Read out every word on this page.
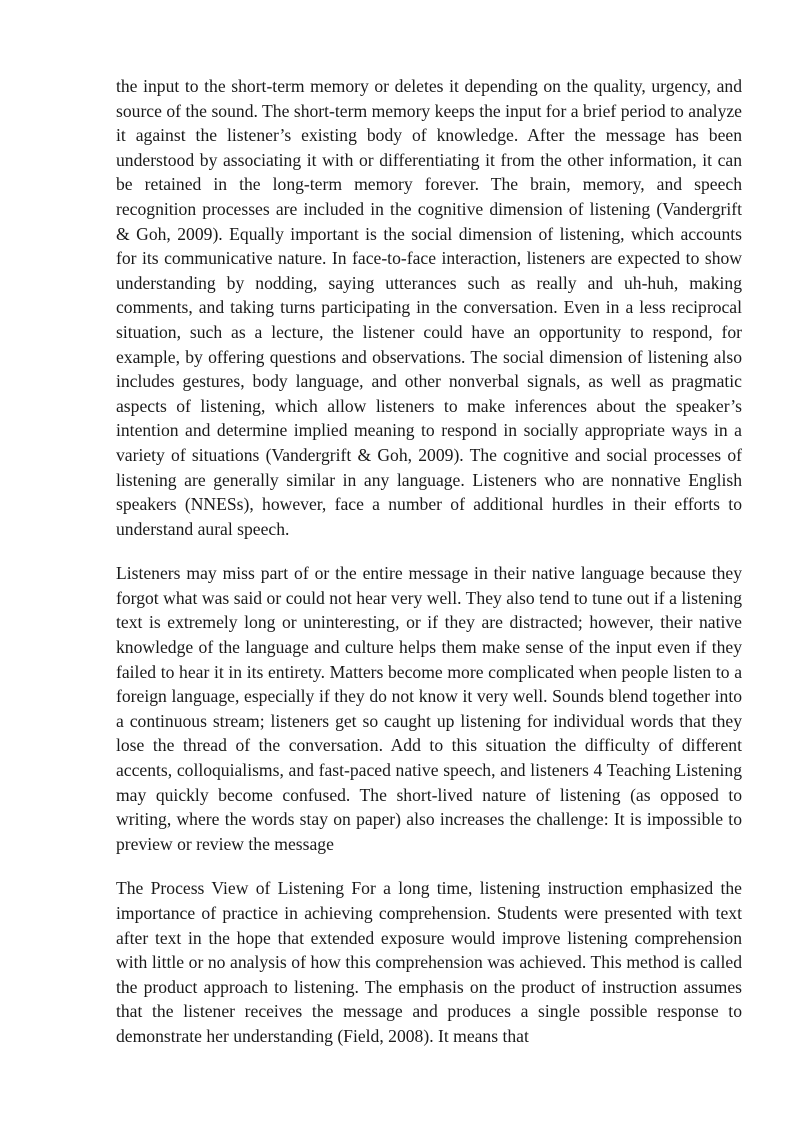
the input to the short-term memory or deletes it depending on the quality, urgency, and source of the sound. The short-term memory keeps the input for a brief period to analyze it against the listener’s existing body of knowledge. After the message has been understood by associating it with or differentiating it from the other information, it can be retained in the long-term memory forever. The brain, memory, and speech recognition processes are included in the cognitive dimension of listening (Vandergrift & Goh, 2009). Equally important is the social dimension of listening, which accounts for its communicative nature. In face-to-face interaction, listeners are expected to show understanding by nodding, saying utterances such as really and uh-huh, making comments, and taking turns participating in the conversation. Even in a less reciprocal situation, such as a lecture, the listener could have an opportunity to respond, for example, by offering questions and observations. The social dimension of listening also includes gestures, body language, and other nonverbal signals, as well as pragmatic aspects of listening, which allow listeners to make inferences about the speaker’s intention and determine implied meaning to respond in socially appropriate ways in a variety of situations (Vandergrift & Goh, 2009). The cognitive and social processes of listening are generally similar in any language. Listeners who are nonnative English speakers (NNESs), however, face a number of additional hurdles in their efforts to understand aural speech.

Listeners may miss part of or the entire message in their native language because they forgot what was said or could not hear very well. They also tend to tune out if a listening text is extremely long or uninteresting, or if they are distracted; however, their native knowledge of the language and culture helps them make sense of the input even if they failed to hear it in its entirety. Matters become more complicated when people listen to a foreign language, especially if they do not know it very well. Sounds blend together into a continuous stream; listeners get so caught up listening for individual words that they lose the thread of the conversation. Add to this situation the difficulty of different accents, colloquialisms, and fast-paced native speech, and listeners 4 Teaching Listening may quickly become confused. The short-lived nature of listening (as opposed to writing, where the words stay on paper) also increases the challenge: It is impossible to preview or review the message

The Process View of Listening For a long time, listening instruction emphasized the importance of practice in achieving comprehension. Students were presented with text after text in the hope that extended exposure would improve listening comprehension with little or no analysis of how this comprehension was achieved. This method is called the product approach to listening. The emphasis on the product of instruction assumes that the listener receives the message and produces a single possible response to demonstrate her understanding (Field, 2008). It means that
